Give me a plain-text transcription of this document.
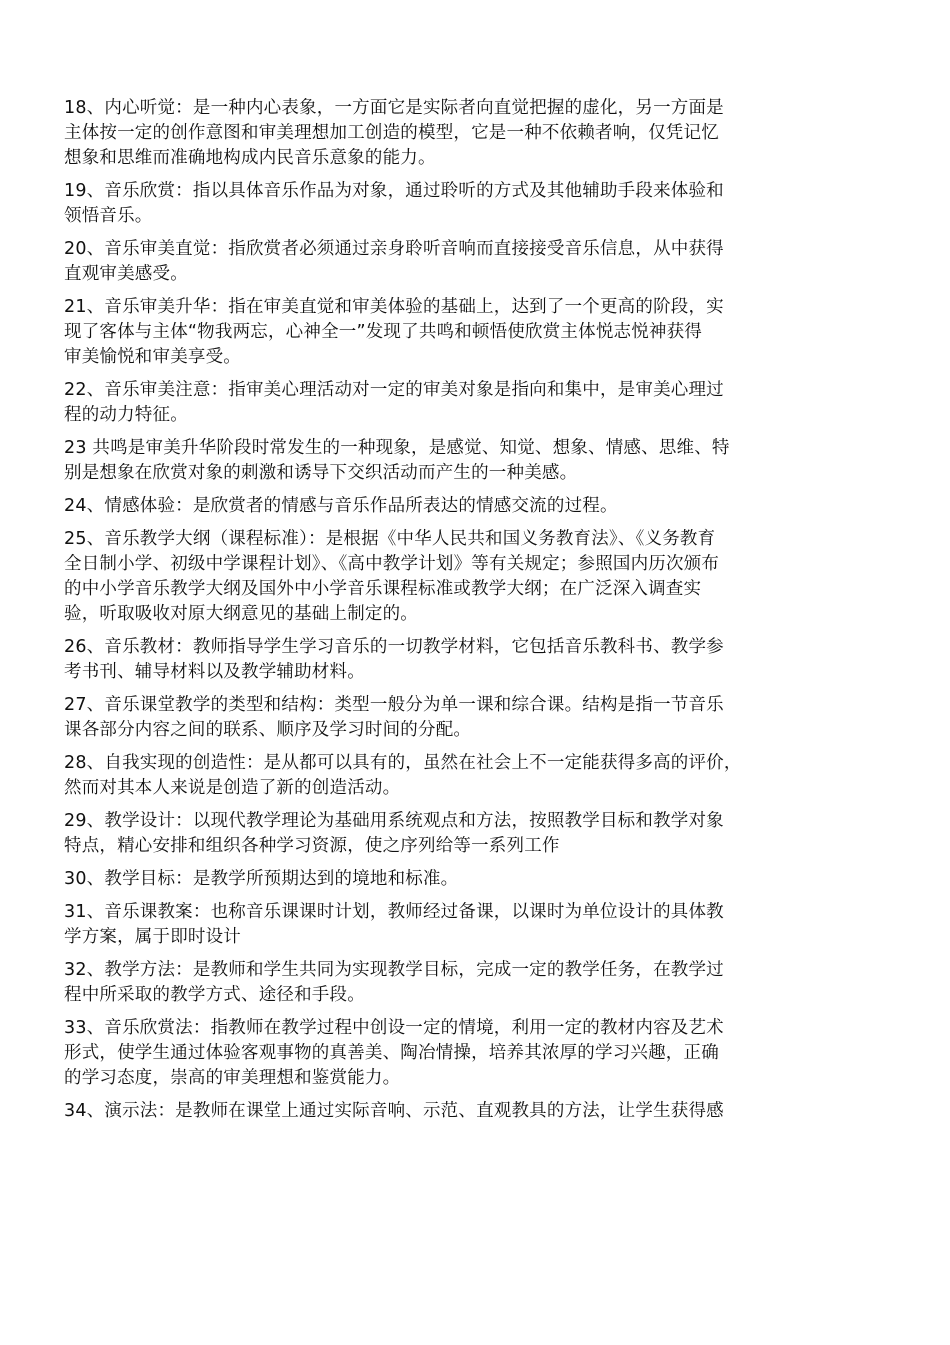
18、内心听觉：是一种内心表象，一方面它是实际者向直觉把握的虚化，另一方面是
主体按一定的创作意图和审美理想加工创造的模型，它是一种不依赖者响，仅凭记忆
想象和思维而准确地构成内民音乐意象的能力。

19、音乐欣赏：指以具体音乐作品为对象，通过聆听的方式及其他辅助手段来体验和
领悟音乐。

20、音乐审美直觉：指欣赏者必须通过亲身聆听音响而直接接受音乐信息，从中获得
直观审美感受。

21、音乐审美升华：指在审美直觉和审美体验的基础上，达到了一个更高的阶段，实
现了客体与主体“物我两忘，心神全一”发现了共鸣和顿悟使欣赏主体悦志悦神获得
审美愉悦和审美享受。

22、音乐审美注意：指审美心理活动对一定的审美对象是指向和集中，是审美心理过
程的动力特征。

23 共鸣是审美升华阶段时常发生的一种现象，是感觉、知觉、想象、情感、思维、特
别是想象在欣赏对象的刺激和诱导下交织活动而产生的一种美感。

24、情感体验：是欣赏者的情感与音乐作品所表达的情感交流的过程。

25、音乐教学大纲（课程标准）：是根据《中华人民共和国义务教育法》、《义务教育
全日制小学、初级中学课程计划》、《高中教学计划》等有关规定；参照国内历次颁布
的中小学音乐教学大纲及国外中小学音乐课程标准或教学大纲；在广泛深入调查实
验，听取吸收对原大纲意见的基础上制定的。

26、音乐教材：教师指导学生学习音乐的一切教学材料，它包括音乐教科书、教学参
考书刊、辅导材料以及教学辅助材料。

27、音乐课堂教学的类型和结构：类型一般分为单一课和综合课。结构是指一节音乐
课各部分内容之间的联系、顺序及学习时间的分配。

28、自我实现的创造性：是从都可以具有的，虽然在社会上不一定能获得多高的评价，
然而对其本人来说是创造了新的创造活动。

29、教学设计：以现代教学理论为基础用系统观点和方法，按照教学目标和教学对象
特点，精心安排和组织各种学习资源，使之序列给等一系列工作

30、教学目标：是教学所预期达到的境地和标准。

31、音乐课教案：也称音乐课课时计划，教师经过备课，以课时为单位设计的具体教
学方案，属于即时设计

32、教学方法：是教师和学生共同为实现教学目标，完成一定的教学任务，在教学过
程中所采取的教学方式、途径和手段。

33、音乐欣赏法：指教师在教学过程中创设一定的情境，利用一定的教材内容及艺术
形式，使学生通过体验客观事物的真善美、陶冶情操，培养其浓厚的学习兴趣，正确
的学习态度，崇高的审美理想和鉴赏能力。

34、演示法：是教师在课堂上通过实际音响、示范、直观教具的方法，让学生获得感
